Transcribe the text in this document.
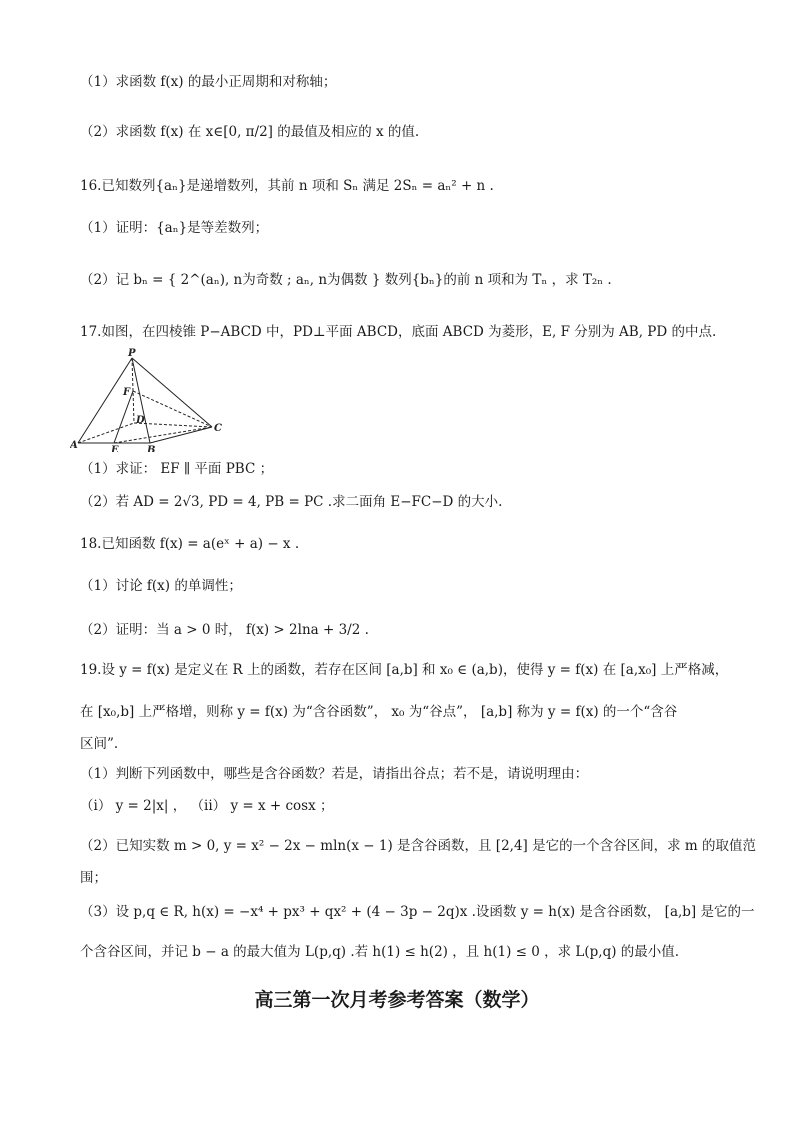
（1）求函数 f(x) 的最小正周期和对称轴；
（2）求函数 f(x) 在 x∈[0, π/2] 的最值及相应的 x 的值.
16.已知数列{aₙ}是递增数列，其前 n 项和 Sₙ 满足 2Sₙ = aₙ² + n .
（1）证明：{aₙ}是等差数列；
（2）记 bₙ = { 2^(aₙ), n为奇数 ; aₙ, n为偶数 } 数列{bₙ}的前 n 项和为 Tₙ ，求 T₂ₙ .
17.如图，在四棱锥 P−ABCD 中，PD⊥平面 ABCD，底面 ABCD 为菱形，E, F 分别为 AB, PD 的中点.
P
F
D
A	E	B
C
（1）求证： EF ∥ 平面 PBC ；
（2）若 AD = 2√3, PD = 4, PB = PC .求二面角 E−FC−D 的大小.
18.已知函数 f(x) = a(eˣ + a) − x .
（1）讨论 f(x) 的单调性；
（2）证明：当 a > 0 时， f(x) > 2lna + 3/2 .
19.设 y = f(x) 是定义在 R 上的函数，若存在区间 [a,b] 和 x₀ ∈ (a,b)，使得 y = f(x) 在 [a,x₀] 上严格减，
在 [x₀,b] 上严格增，则称 y = f(x) 为“含谷函数”， x₀ 为“谷点”， [a,b] 称为 y = f(x) 的一个“含谷
区间”.
（1）判断下列函数中，哪些是含谷函数？若是，请指出谷点；若不是，请说明理由：
（i） y = 2|x| ， （ii） y = x + cosx ；
（2）已知实数 m > 0, y = x² − 2x − mln(x − 1) 是含谷函数，且 [2,4] 是它的一个含谷区间，求 m 的取值范
围；
（3）设 p,q ∈ R, h(x) = −x⁴ + px³ + qx² + (4 − 3p − 2q)x .设函数 y = h(x) 是含谷函数， [a,b] 是它的一
个含谷区间，并记 b − a 的最大值为 L(p,q) .若 h(1) ≤ h(2) ，且 h(1) ≤ 0 ，求 L(p,q) 的最小值.
高三第一次月考参考答案（数学）
